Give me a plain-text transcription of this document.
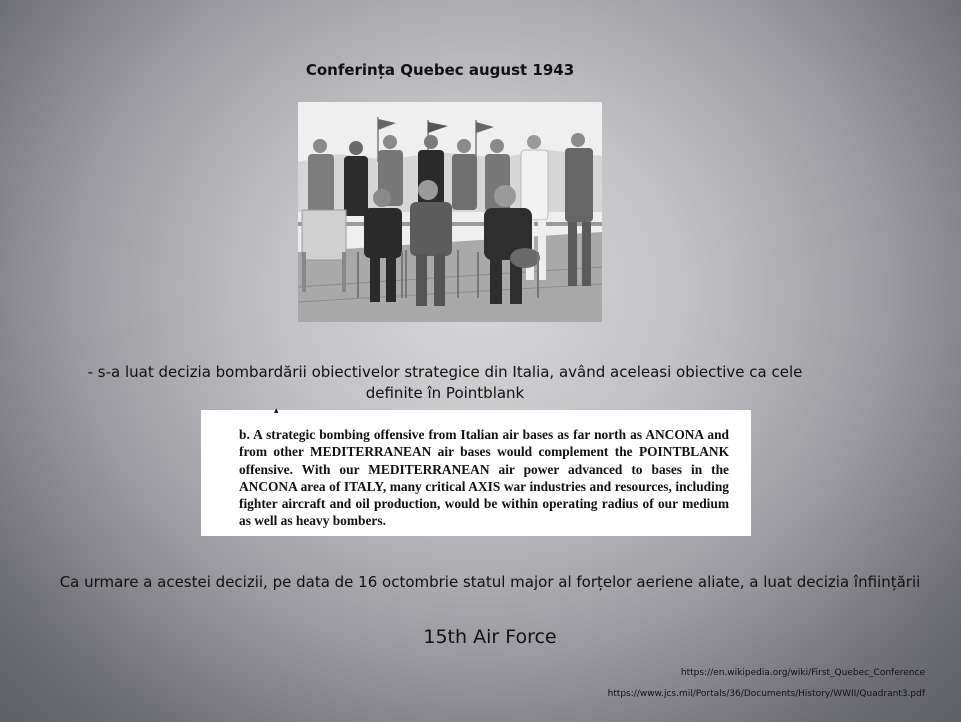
Conferința Quebec august 1943
- s-a luat decizia bombardării obiectivelor strategice din Italia, având aceleasi obiective ca cele
definite în Pointblank
▴

b. A strategic bombing offensive from Italian air bases as far north as ANCONA and from other MEDITERRANEAN air bases would complement the POINTBLANK offensive. With our MEDITERRANEAN air power advanced to bases in the ANCONA area of ITALY, many critical AXIS war industries and resources, including fighter aircraft and oil production, would be within operating radius of our medium as well as heavy bombers.

Ca urmare a acestei decizii, pe data de 16 octombrie statul major al forțelor aeriene aliate, a luat decizia înființării
15th Air Force
https://en.wikipedia.org/wiki/First_Quebec_Conference
https://www.jcs.mil/Portals/36/Documents/History/WWII/Quadrant3.pdf
